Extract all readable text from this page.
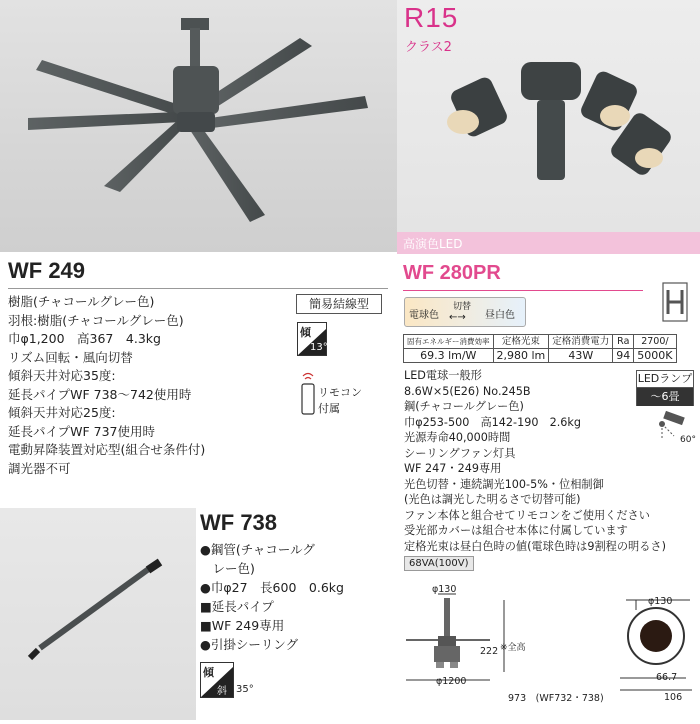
R15
クラス2
高演色LED
WF 249
樹脂(チャコールグレー色)
羽根:樹脂(チャコールグレー色)
巾φ1,200　高367　4.3kg
リズム回転・風向切替
傾斜天井対応35度:
延長パイプWF 738～742使用時
傾斜天井対応25度:
延長パイプWF 737使用時
電動昇降装置対応型(組合せ条件付)
調光器不可
簡易結線型
傾
13°
リモコン
付属
WF 280PR
電球色
切替
←→ 昼白色
固有エネルギー消費効率	定格光束	定格消費電力	Ra	2700/
69.3 lm/W	2,980 lm	43W	94	5000K
LED電球一般形
8.6W×5(E26) No.245B
鋼(チャコールグレー色)
巾φ253-500　高142-190　2.6kg
光源寿命40,000時間
シーリングファン灯具
WF 247・249専用
光色切替・連続調光100-5%・位相制御
(光色は調光した明るさで切替可能)
ファン本体と組合せてリモコンをご使用ください
受光部カバーは組合せ本体に付属しています
定格光束は昼白色時の値(電球色時は9割程の明るさ)
68VA(100V)
LEDランプ
～6畳
60°
WF 738
●鋼管(チャコールグ
　レー色)
●巾φ27　長600　0.6kg
■延長パイプ
■WF 249専用
●引掛シーリング
傾
斜 35°
φ130
222 ※全高
φ1200
973　(WF732・738)
φ130
66.7
106
